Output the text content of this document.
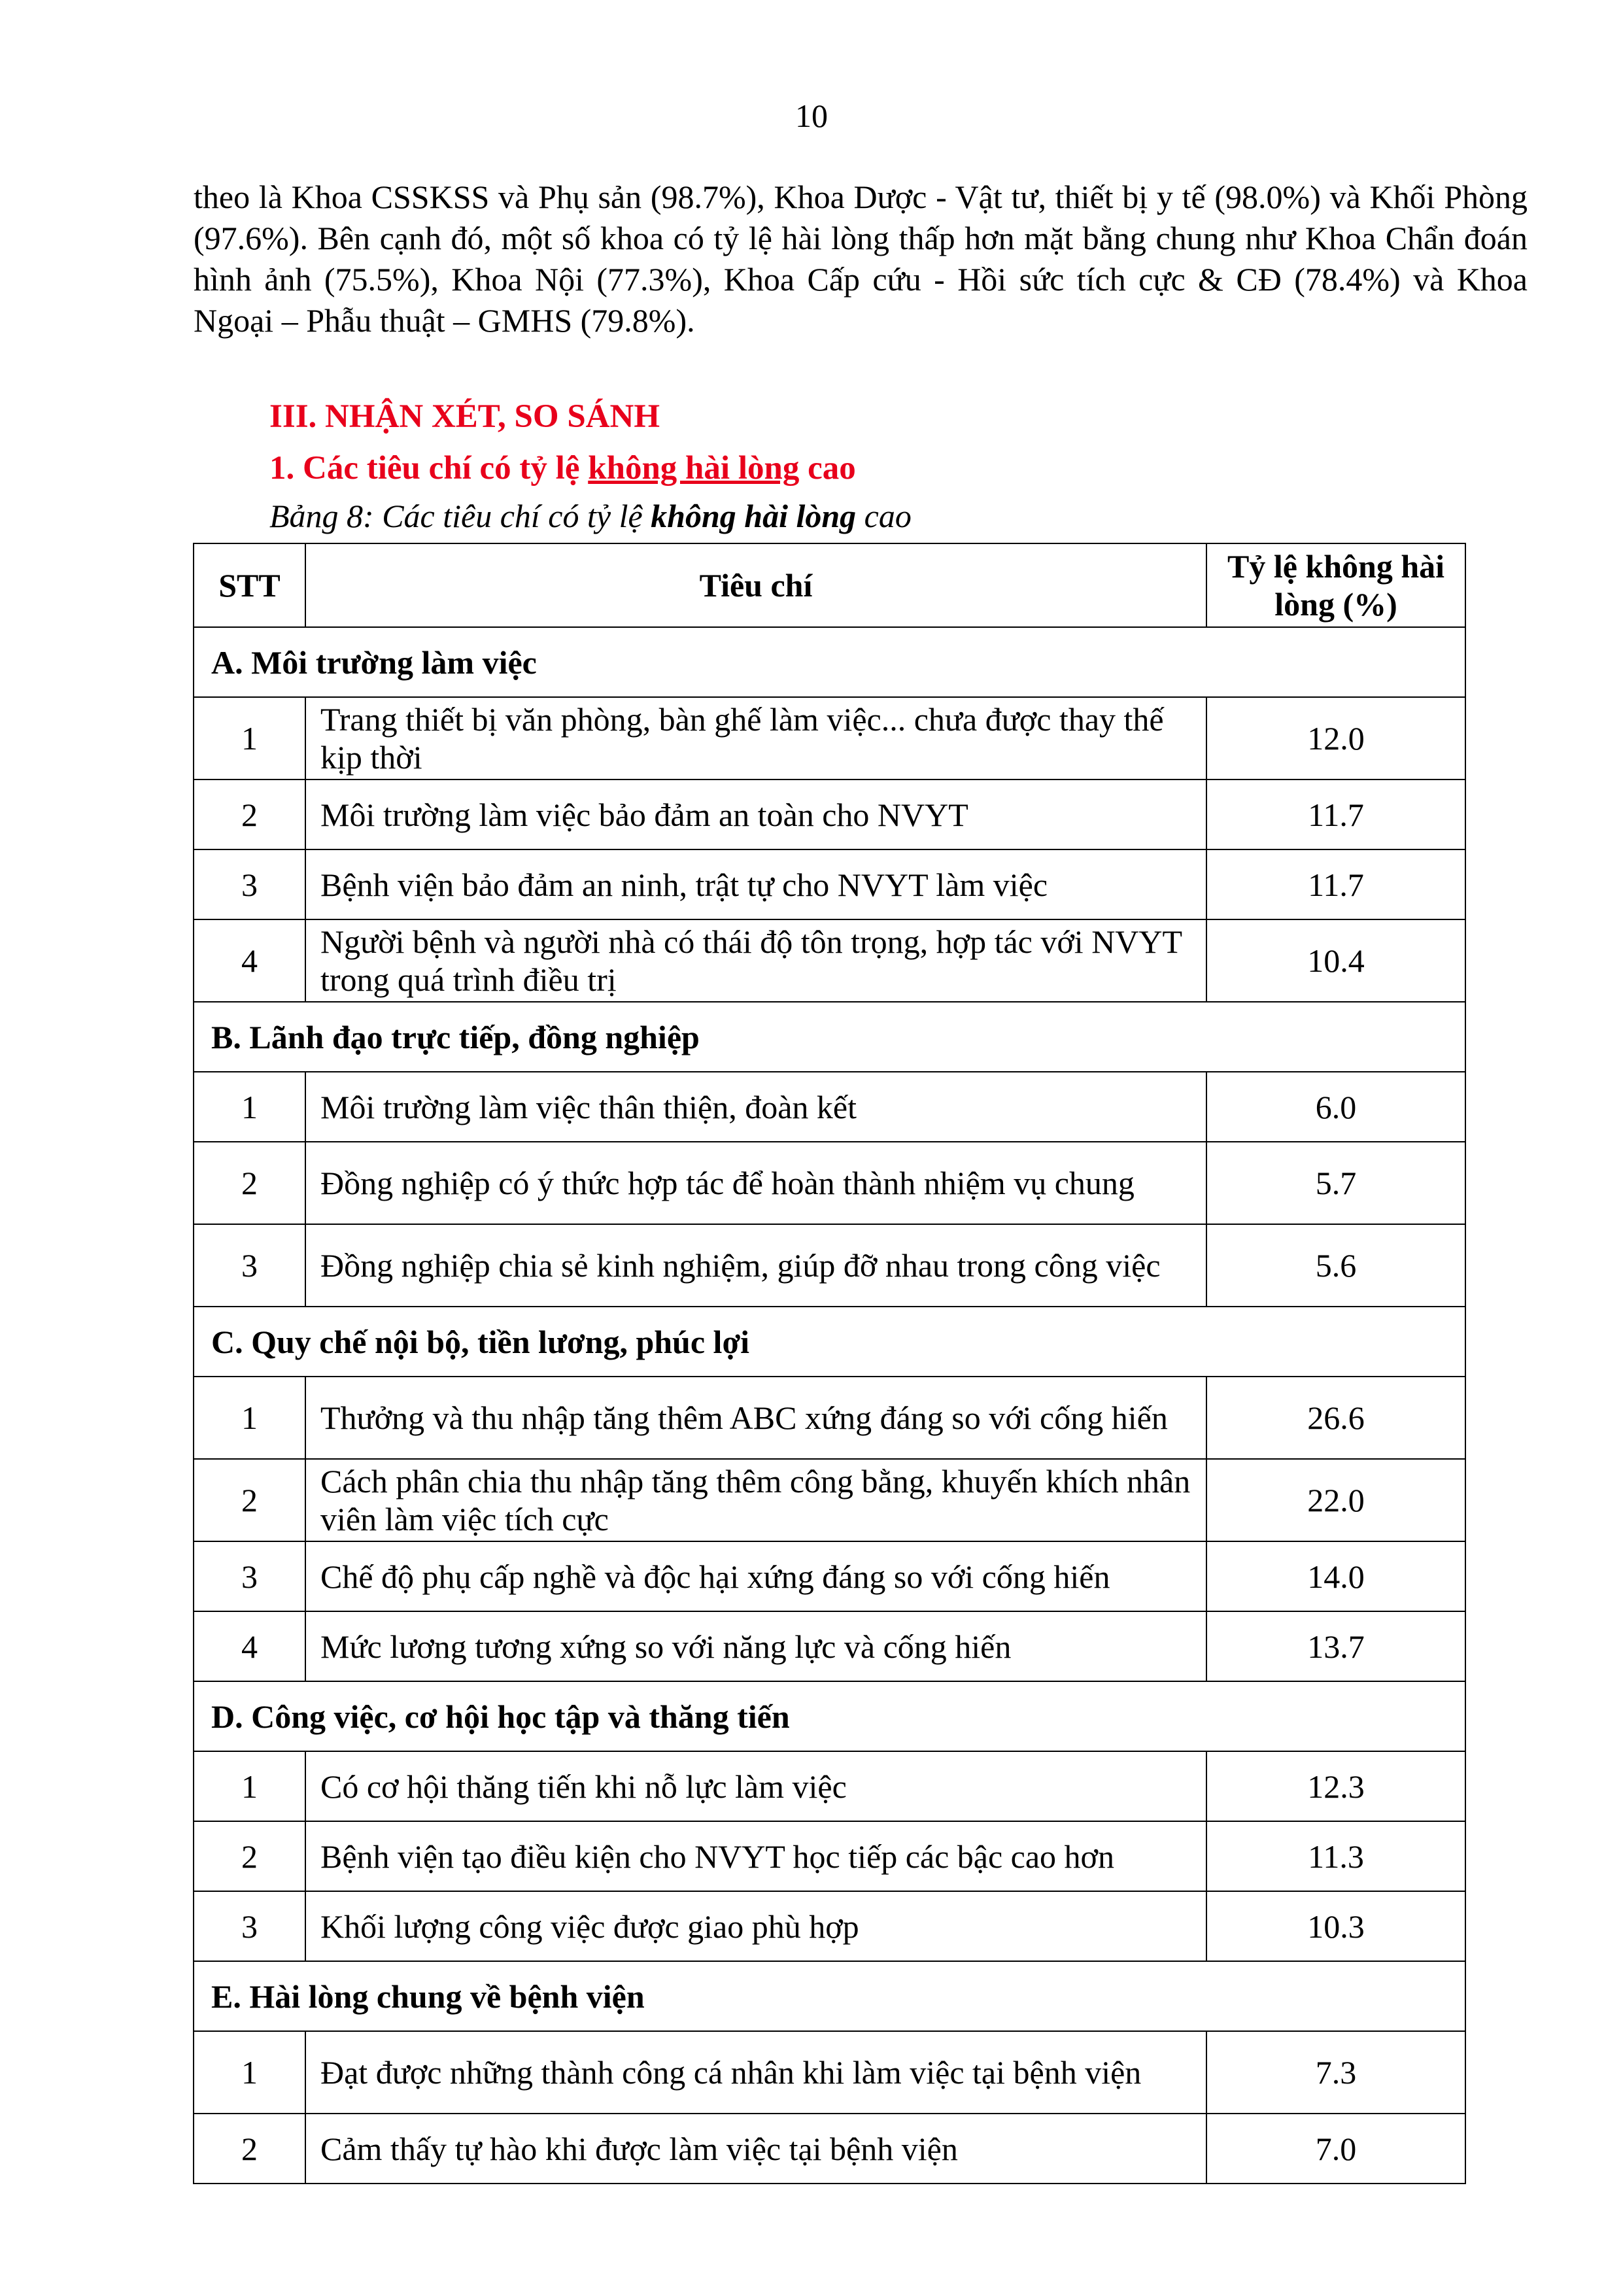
10

theo là Khoa CSSKSS và Phụ sản (98.7%), Khoa Dược - Vật tư, thiết bị y tế (98.0%) và Khối Phòng (97.6%). Bên cạnh đó, một số khoa có tỷ lệ hài lòng thấp hơn mặt bằng chung như Khoa Chẩn đoán hình ảnh (75.5%), Khoa Nội (77.3%), Khoa Cấp cứu - Hồi sức tích cực & CĐ (78.4%) và Khoa Ngoại – Phẫu thuật – GMHS (79.8%).

III. NHẬN XÉT, SO SÁNH
1. Các tiêu chí có tỷ lệ không hài lòng cao

Bảng 8: Các tiêu chí có tỷ lệ không hài lòng cao

STT	Tiêu chí	Tỷ lệ không hài lòng (%)
A. Môi trường làm việc		
1	Trang thiết bị văn phòng, bàn ghế làm việc... chưa được thay thế kịp thời	12.0
2	Môi trường làm việc bảo đảm an toàn cho NVYT	11.7
3	Bệnh viện bảo đảm an ninh, trật tự cho NVYT làm việc	11.7
4	Người bệnh và người nhà có thái độ tôn trọng, hợp tác với NVYT trong quá trình điều trị	10.4
B. Lãnh đạo trực tiếp, đồng nghiệp		
1	Môi trường làm việc thân thiện, đoàn kết	6.0
2	Đồng nghiệp có ý thức hợp tác để hoàn thành nhiệm vụ chung	5.7
3	Đồng nghiệp chia sẻ kinh nghiệm, giúp đỡ nhau trong công việc	5.6
C. Quy chế nội bộ, tiền lương, phúc lợi		
1	Thưởng và thu nhập tăng thêm ABC xứng đáng so với cống hiến	26.6
2	Cách phân chia thu nhập tăng thêm công bằng, khuyến khích nhân viên làm việc tích cực	22.0
3	Chế độ phụ cấp nghề và độc hại xứng đáng so với cống hiến	14.0
4	Mức lương tương xứng so với năng lực và cống hiến	13.7
D. Công việc, cơ hội học tập và thăng tiến		
1	Có cơ hội thăng tiến khi nỗ lực làm việc	12.3
2	Bệnh viện tạo điều kiện cho NVYT học tiếp các bậc cao hơn	11.3
3	Khối lượng công việc được giao phù hợp	10.3
E. Hài lòng chung về bệnh viện		
1	Đạt được những thành công cá nhân khi làm việc tại bệnh viện	7.3
2	Cảm thấy tự hào khi được làm việc tại bệnh viện	7.0
